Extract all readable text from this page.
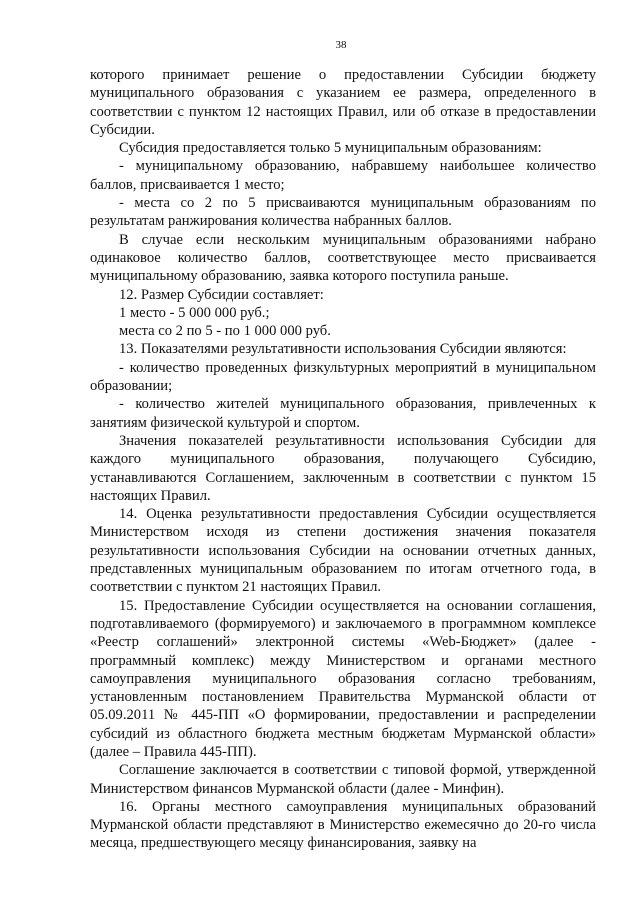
38

которого принимает решение о предоставлении Субсидии бюджету муниципального образования с указанием ее размера, определенного в соответствии с пунктом 12 настоящих Правил, или об отказе в предоставлении Субсидии.

Субсидия предоставляется только 5 муниципальным образованиям:

- муниципальному образованию, набравшему наибольшее количество баллов, присваивается 1 место;

- места со 2 по 5 присваиваются муниципальным образованиям по результатам ранжирования количества набранных баллов.

В случае если нескольким муниципальным образованиями набрано одинаковое количество баллов, соответствующее место присваивается муниципальному образованию, заявка которого поступила раньше.

12. Размер Субсидии составляет:

1 место - 5 000 000 руб.;

места со 2 по 5 - по 1 000 000 руб.

13. Показателями результативности использования Субсидии являются:

- количество проведенных физкультурных мероприятий в муниципальном образовании;

- количество жителей муниципального образования, привлеченных к занятиям физической культурой и спортом.

Значения показателей результативности использования Субсидии для каждого муниципального образования, получающего Субсидию, устанавливаются Соглашением, заключенным в соответствии с пунктом 15 настоящих Правил.

14. Оценка результативности предоставления Субсидии осуществляется Министерством исходя из степени достижения значения показателя результативности использования Субсидии на основании отчетных данных, представленных муниципальным образованием по итогам отчетного года, в соответствии с пунктом 21 настоящих Правил.

15. Предоставление Субсидии осуществляется на основании соглашения, подготавливаемого (формируемого) и заключаемого в программном комплексе «Реестр соглашений» электронной системы «Web-Бюджет» (далее - программный комплекс) между Министерством и органами местного самоуправления муниципального образования согласно требованиям, установленным постановлением Правительства Мурманской области от 05.09.2011 № 445-ПП «О формировании, предоставлении и распределении субсидий из областного бюджета местным бюджетам Мурманской области» (далее – Правила 445-ПП).

Соглашение заключается в соответствии с типовой формой, утвержденной Министерством финансов Мурманской области (далее - Минфин).

16. Органы местного самоуправления муниципальных образований Мурманской области представляют в Министерство ежемесячно до 20-го числа месяца, предшествующего месяцу финансирования, заявку на
